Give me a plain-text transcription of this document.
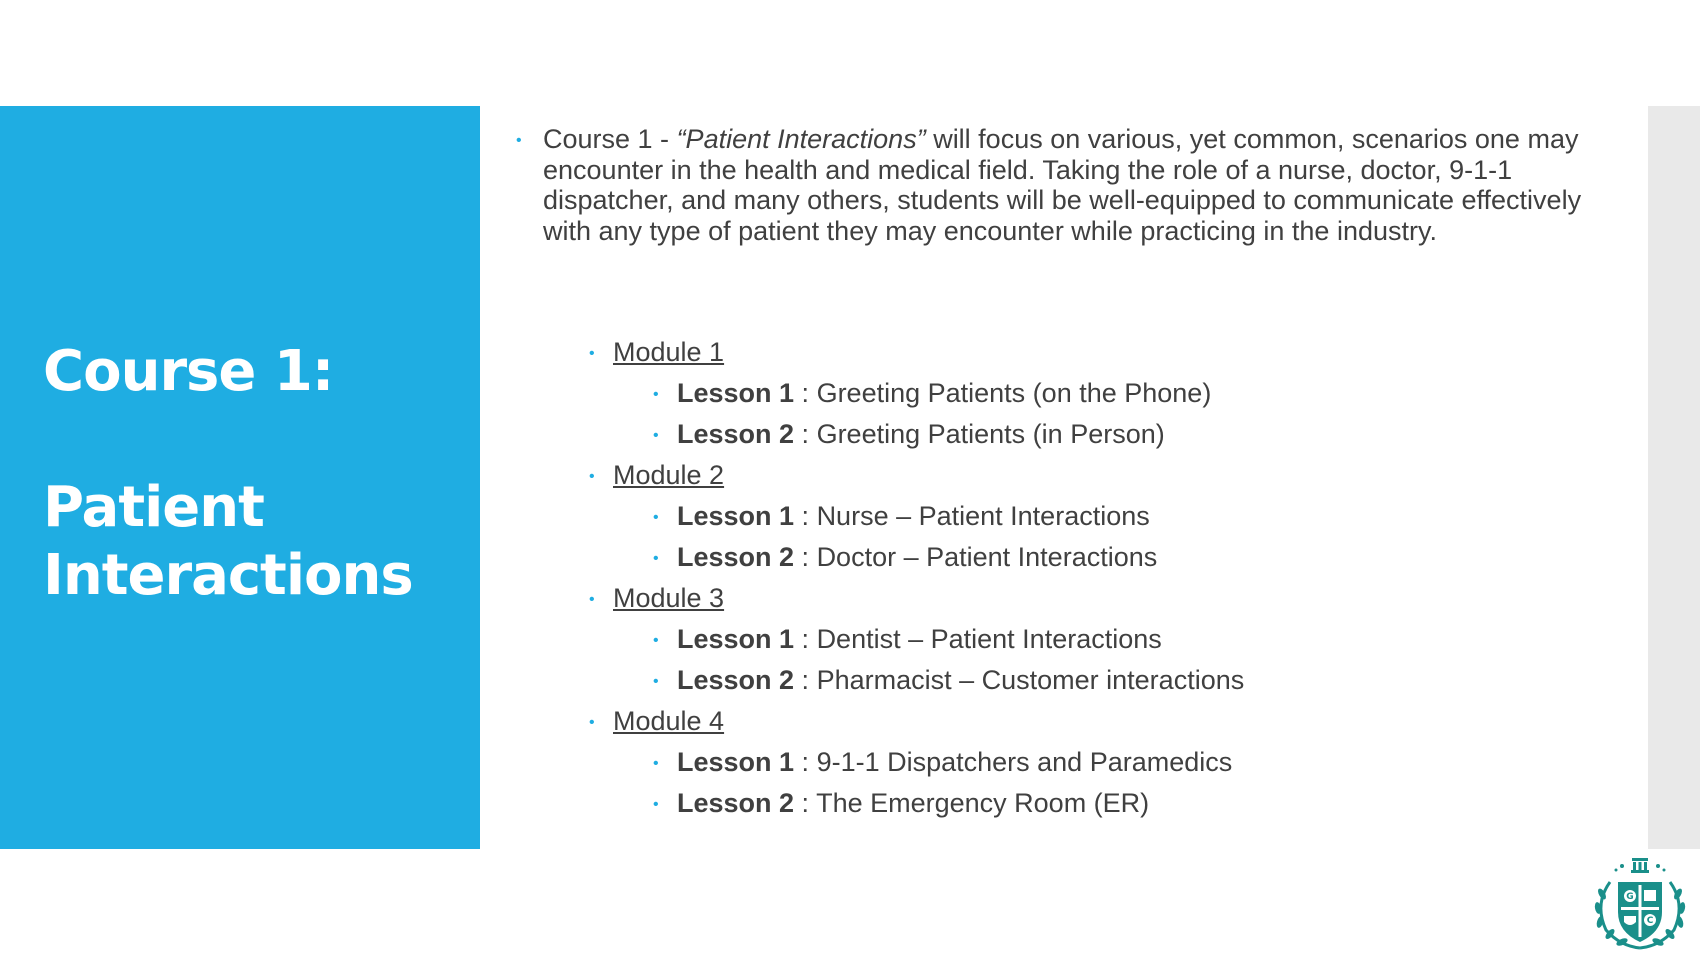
Course 1:
Patient
Interactions
• Course 1 - “Patient Interactions” will focus on various, yet common, scenarios one may encounter in the health and medical field. Taking the role of a nurse, doctor, 9-1-1 dispatcher, and many others, students will be well-equipped to communicate effectively with any type of patient they may encounter while practicing in the industry.
• Module 1
• Lesson 1 : Greeting Patients (on the Phone)
• Lesson 2 : Greeting Patients (in Person)
• Module 2
• Lesson 1 : Nurse – Patient Interactions
• Lesson 2 : Doctor – Patient Interactions
• Module 3
• Lesson 1 : Dentist – Patient Interactions
• Lesson 2 : Pharmacist – Customer interactions
• Module 4
• Lesson 1 : 9-1-1 Dispatchers and Paramedics
• Lesson 2 : The Emergency Room (ER)
G
C
